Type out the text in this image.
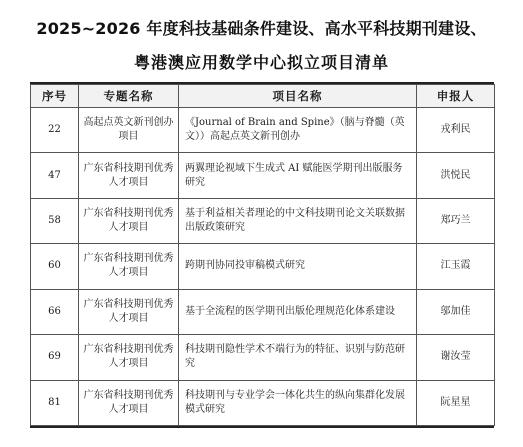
2025~2026 年度科技基础条件建设、高水平科技期刊建设、
粤港澳应用数学中心拟立项目清单
序号	专题名称	项目名称	申报人
22	高起点英文新刊创办项目	《Journal of Brain and Spine》（脑与脊髓（英文））高起点英文新刊创办	戎利民
47	广东省科技期刊优秀人才项目	两翼理论视域下生成式 AI 赋能医学期刊出版服务研究	洪悦民
58	广东省科技期刊优秀人才项目	基于利益相关者理论的中文科技期刊论文关联数据出版政策研究	郑巧兰
60	广东省科技期刊优秀人才项目	跨期刊协同投审稿模式研究	江玉霞
66	广东省科技期刊优秀人才项目	基于全流程的医学期刊出版伦理规范化体系建设	邬加佳
69	广东省科技期刊优秀人才项目	科技期刊隐性学术不端行为的特征、识别与防范研究	谢汝莹
81	广东省科技期刊优秀人才项目	科技期刊与专业学会一体化共生的纵向集群化发展模式研究	阮星星
